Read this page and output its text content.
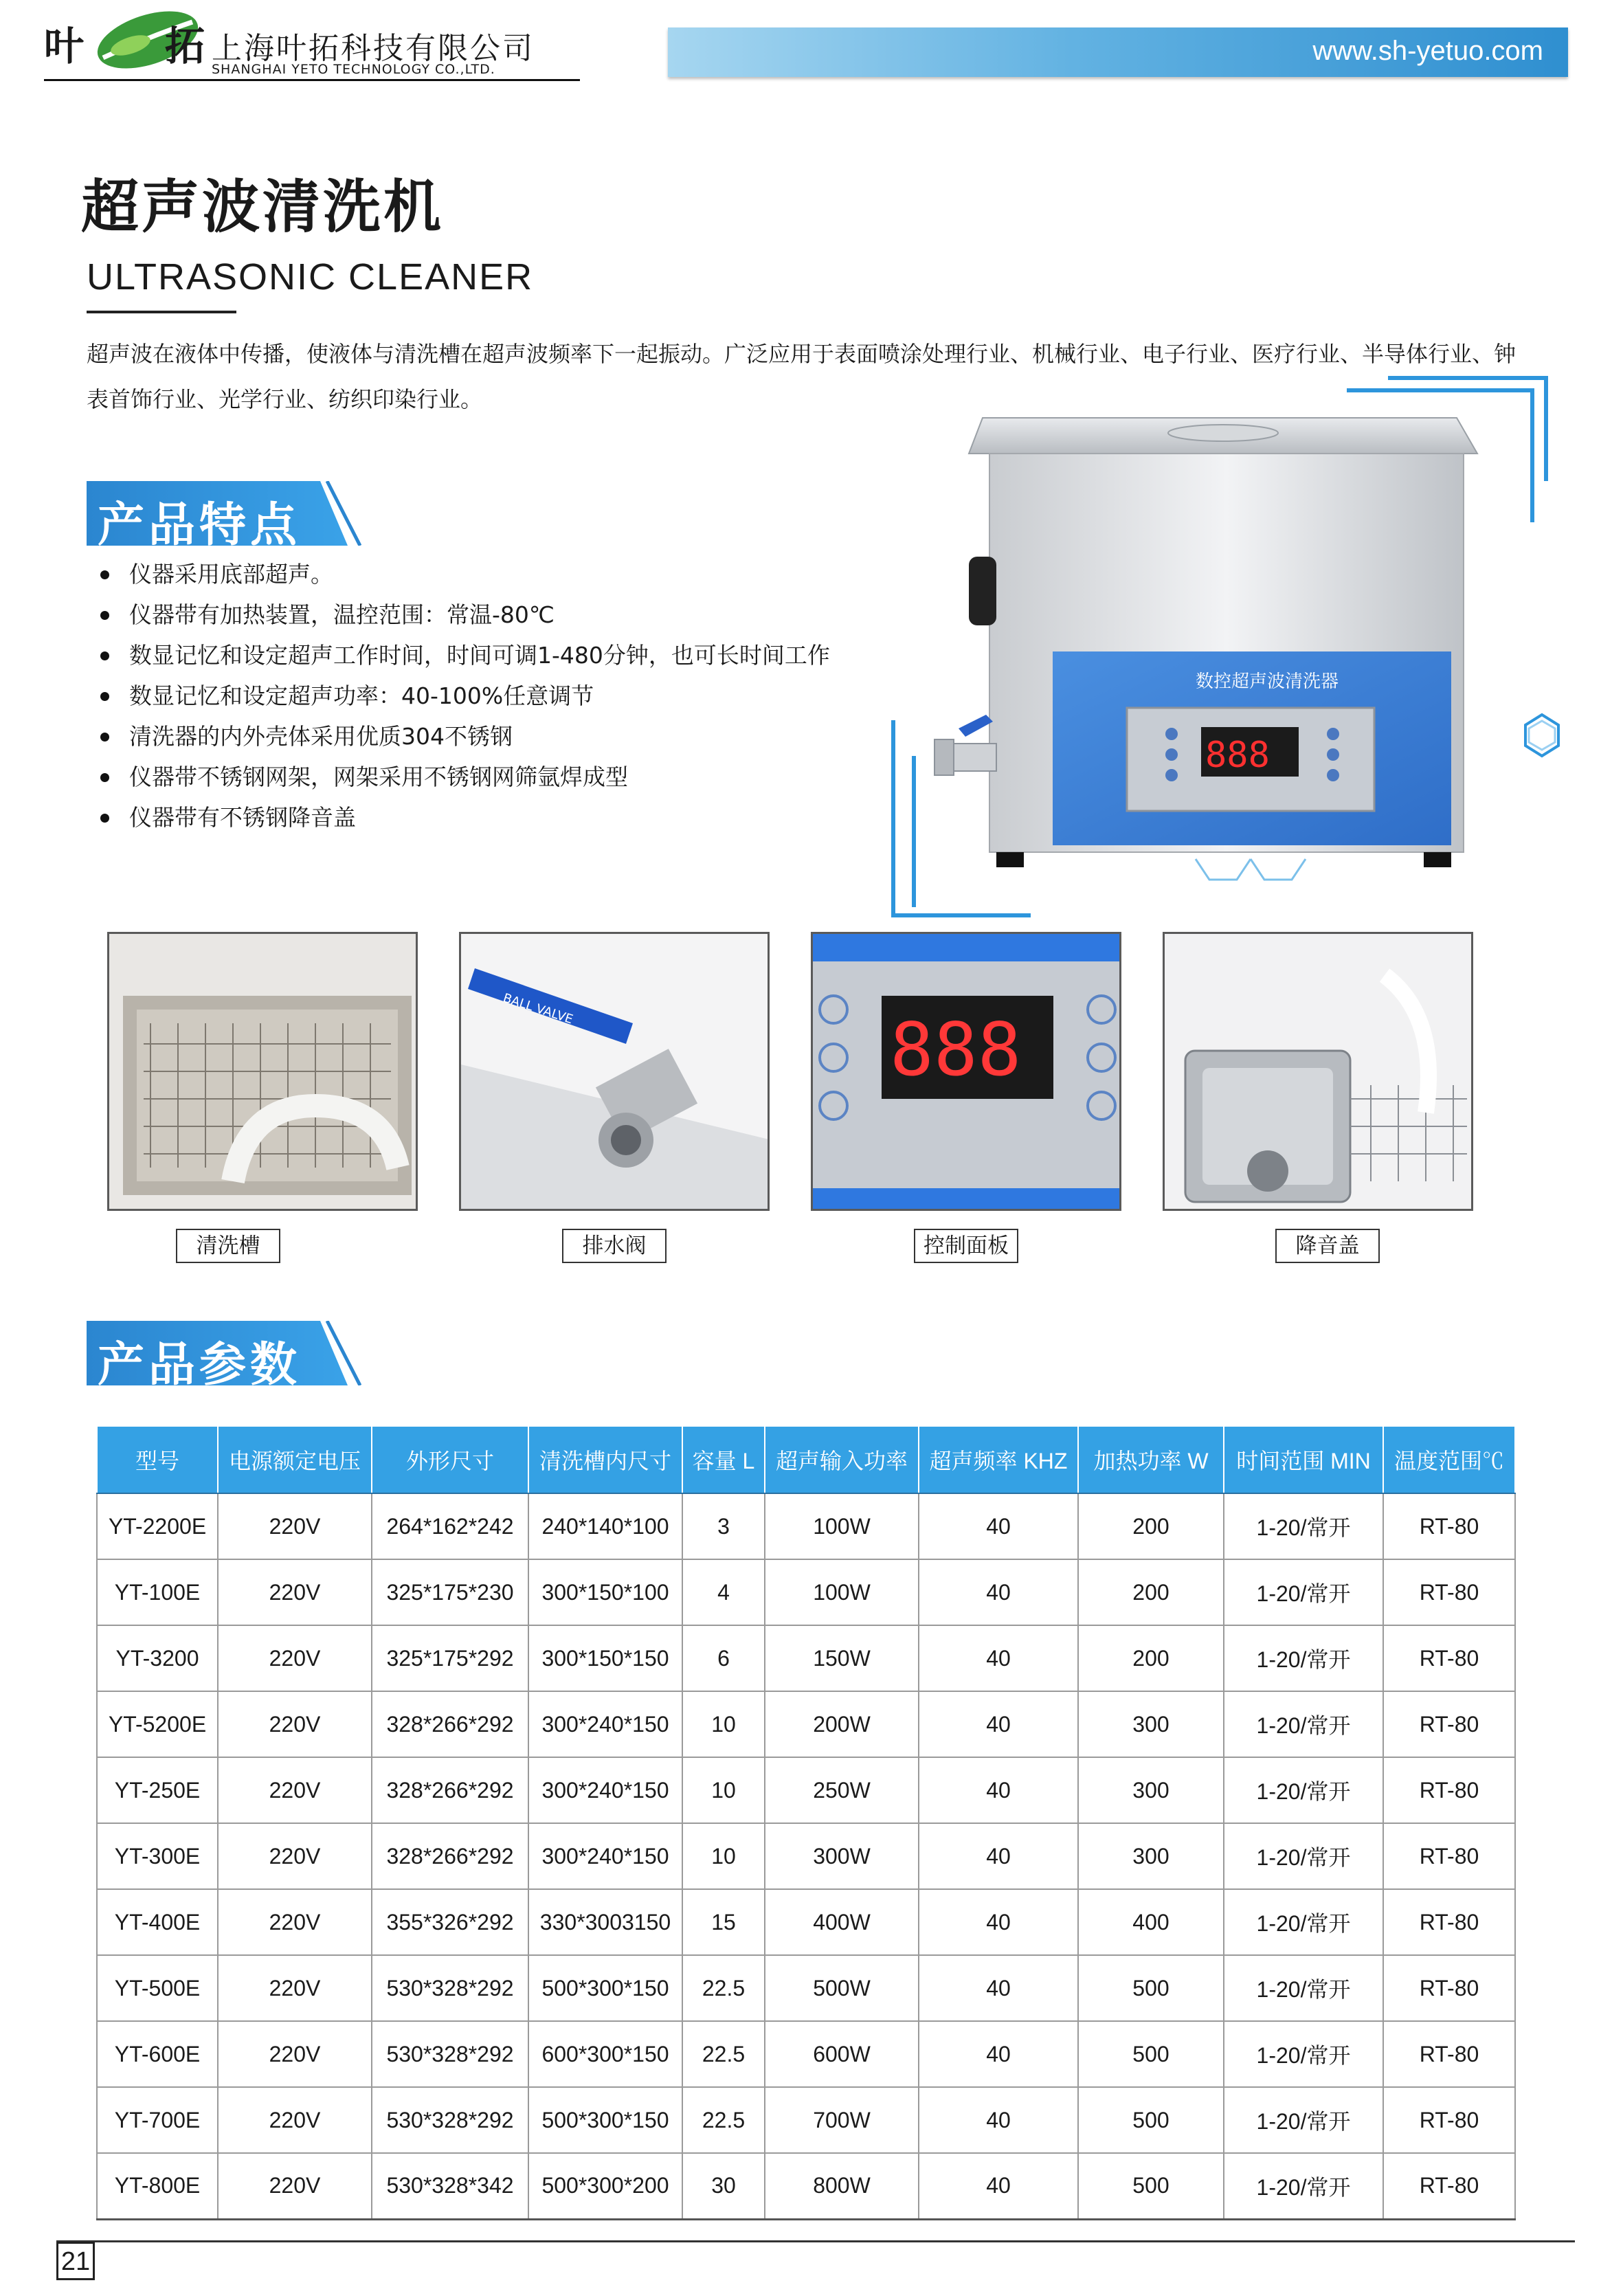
叶 拓 上海叶拓科技有限公司
SHANGHAI YETO TECHNOLOGY CO.,LTD.
www.sh-yetuo.com
超声波清洗机
ULTRASONIC CLEANER
超声波在液体中传播，使液体与清洗槽在超声波频率下一起振动。广泛应用于表面喷涂处理行业、机械行业、电子行业、医疗行业、半导体行业、钟表首饰行业、光学行业、纺织印染行业。
产品特点
仪器采用底部超声。
仪器带有加热装置，温控范围：常温-80℃
数显记忆和设定超声工作时间，时间可调1-480分钟，也可长时间工作
数显记忆和设定超声功率：40-100%任意调节
清洗器的内外壳体采用优质304不锈钢
仪器带不锈钢网架，网架采用不锈钢网筛氩焊成型
仪器带有不锈钢降音盖
数控超声波清洗器
888
BALL VALVE	888
清洗槽	排水阀	控制面板	降音盖
产品参数
型号	电源额定电压	外形尺寸	清洗槽内尺寸	容量 L	超声输入功率	超声频率 KHZ	加热功率 W	时间范围 MIN	温度范围℃
YT-2200E	220V	264*162*242	240*140*100	3	100W	40	200	1-20/常开	RT-80
YT-100E	220V	325*175*230	300*150*100	4	100W	40	200	1-20/常开	RT-80
YT-3200	220V	325*175*292	300*150*150	6	150W	40	200	1-20/常开	RT-80
YT-5200E	220V	328*266*292	300*240*150	10	200W	40	300	1-20/常开	RT-80
YT-250E	220V	328*266*292	300*240*150	10	250W	40	300	1-20/常开	RT-80
YT-300E	220V	328*266*292	300*240*150	10	300W	40	300	1-20/常开	RT-80
YT-400E	220V	355*326*292	330*3003150	15	400W	40	400	1-20/常开	RT-80
YT-500E	220V	530*328*292	500*300*150	22.5	500W	40	500	1-20/常开	RT-80
YT-600E	220V	530*328*292	600*300*150	22.5	600W	40	500	1-20/常开	RT-80
YT-700E	220V	530*328*292	500*300*150	22.5	700W	40	500	1-20/常开	RT-80
YT-800E	220V	530*328*342	500*300*200	30	800W	40	500	1-20/常开	RT-80
21
